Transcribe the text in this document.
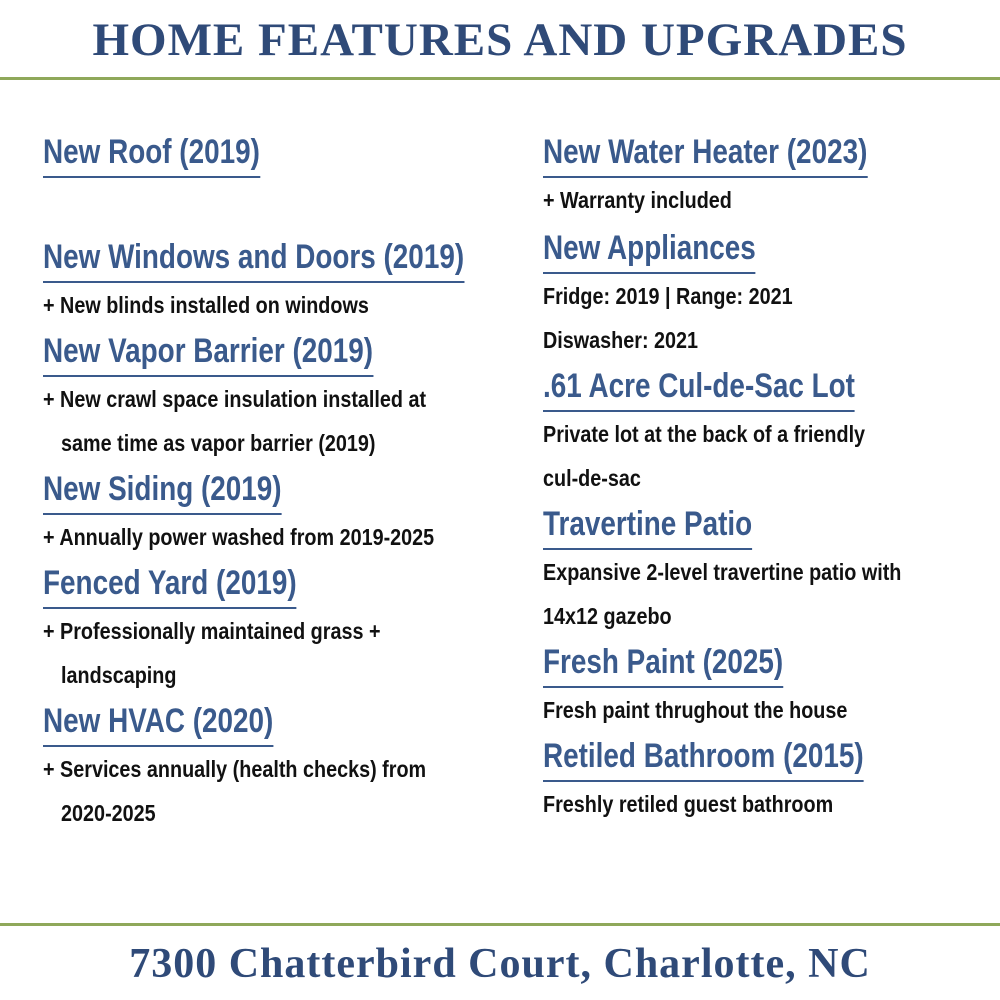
HOME FEATURES AND UPGRADES
New Roof (2019)
New Windows and Doors (2019)
+ New blinds installed on windows
New Vapor Barrier (2019)
+ New crawl space insulation installed at
same time as vapor barrier (2019)
New Siding (2019)
+ Annually power washed from 2019-2025
Fenced Yard (2019)
+ Professionally maintained grass +
landscaping
New HVAC (2020)
+ Services annually (health checks) from
2020-2025
New Water Heater (2023)
+ Warranty included
New Appliances
Fridge: 2019 | Range: 2021
Diswasher: 2021
.61 Acre Cul-de-Sac Lot
Private lot at the back of a friendly
cul-de-sac
Travertine Patio
Expansive 2-level travertine patio with
14x12 gazebo
Fresh Paint (2025)
Fresh paint thrughout the house
Retiled Bathroom (2015)
Freshly retiled guest bathroom
7300 Chatterbird Court, Charlotte, NC
